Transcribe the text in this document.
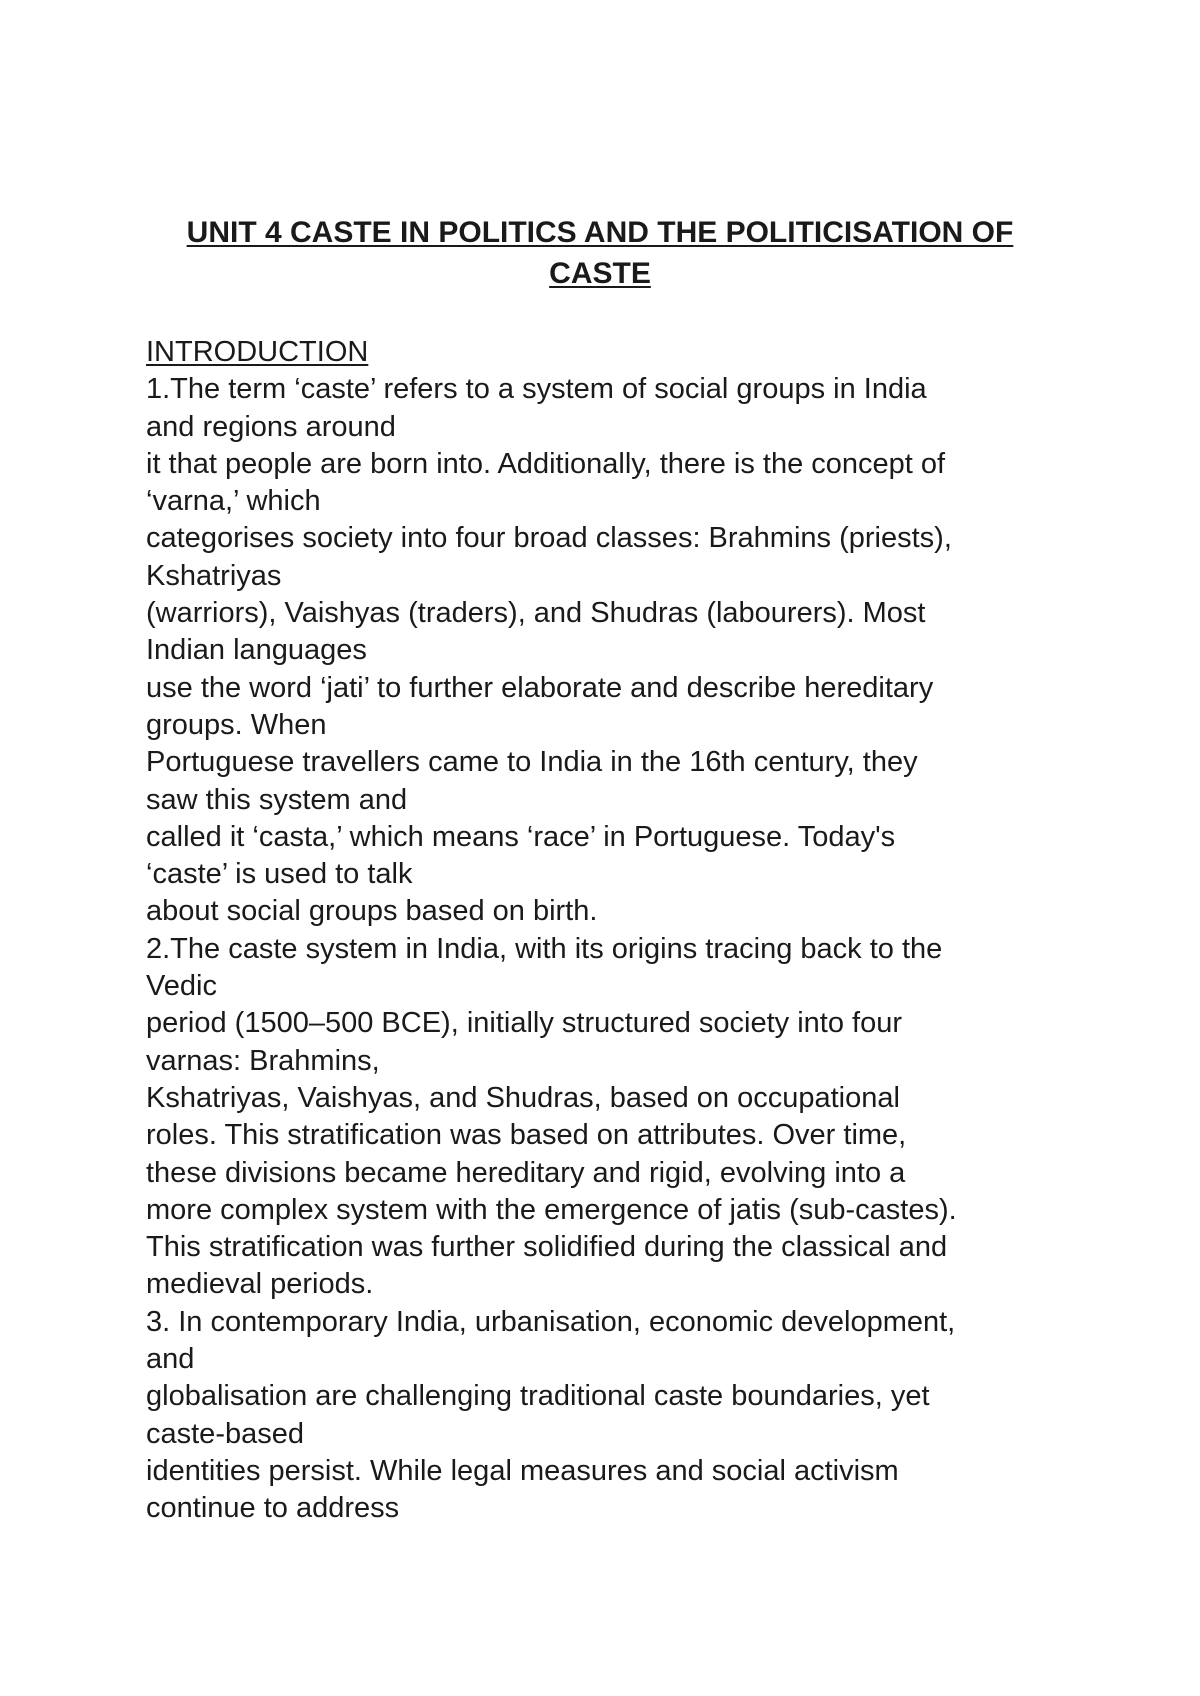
UNIT 4 CASTE IN POLITICS AND THE POLITICISATION OF
CASTE
INTRODUCTION
1.The term ‘caste’ refers to a system of social groups in India
and regions around
it that people are born into. Additionally, there is the concept of
‘varna,’ which
categorises society into four broad classes: Brahmins (priests),
Kshatriyas
(warriors), Vaishyas (traders), and Shudras (labourers). Most
Indian languages
use the word ‘jati’ to further elaborate and describe hereditary
groups. When
Portuguese travellers came to India in the 16th century, they
saw this system and
called it ‘casta,’ which means ‘race’ in Portuguese. Today's
‘caste’ is used to talk
about social groups based on birth.
2.The caste system in India, with its origins tracing back to the
Vedic
period (1500–500 BCE), initially structured society into four
varnas: Brahmins,
Kshatriyas, Vaishyas, and Shudras, based on occupational
roles. This stratification was based on attributes. Over time,
these divisions became hereditary and rigid, evolving into a
more complex system with the emergence of jatis (sub-castes).
This stratification was further solidified during the classical and
medieval periods.
3. In contemporary India, urbanisation, economic development,
and
globalisation are challenging traditional caste boundaries, yet
caste-based
identities persist. While legal measures and social activism
continue to address
